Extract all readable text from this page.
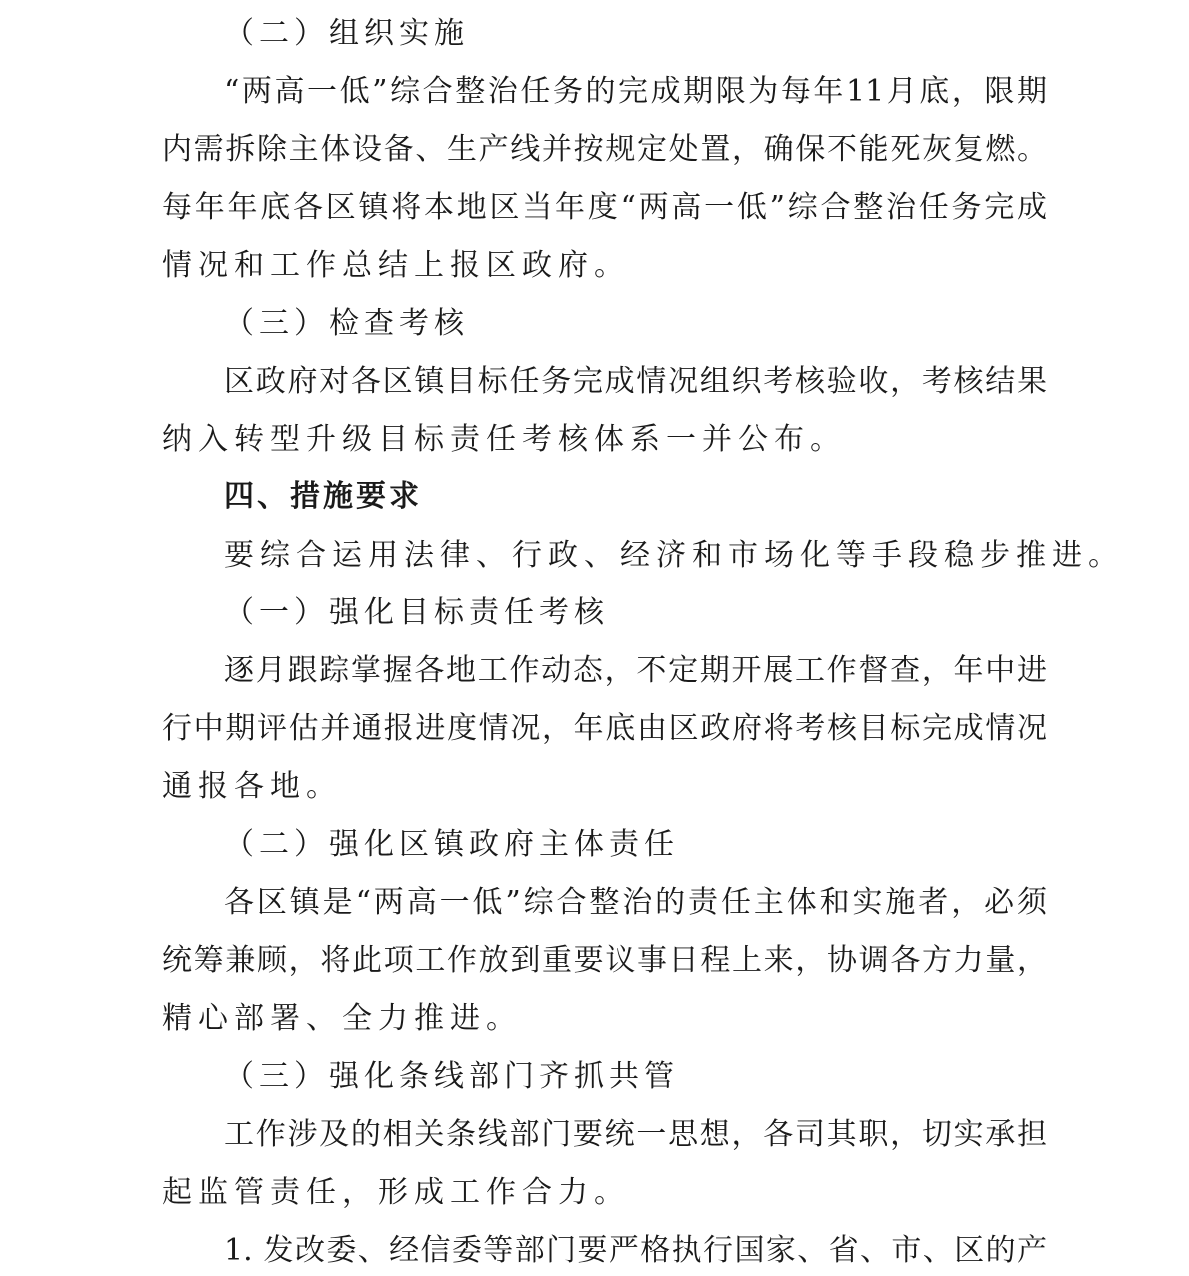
（二）组织实施
“两高一低”综合整治任务的完成期限为每年11月底，限期
内需拆除主体设备、生产线并按规定处置，确保不能死灰复燃。
每年年底各区镇将本地区当年度“两高一低”综合整治任务完成
情况和工作总结上报区政府。
（三）检查考核
区政府对各区镇目标任务完成情况组织考核验收，考核结果
纳入转型升级目标责任考核体系一并公布。
四、措施要求
要综合运用法律、行政、经济和市场化等手段稳步推进。
（一）强化目标责任考核
逐月跟踪掌握各地工作动态，不定期开展工作督查，年中进
行中期评估并通报进度情况，年底由区政府将考核目标完成情况
通报各地。
（二）强化区镇政府主体责任
各区镇是“两高一低”综合整治的责任主体和实施者，必须
统筹兼顾，将此项工作放到重要议事日程上来，协调各方力量，
精心部署、全力推进。
（三）强化条线部门齐抓共管
工作涉及的相关条线部门要统一思想，各司其职，切实承担
起监管责任，形成工作合力。
1. 发改委、经信委等部门要严格执行国家、省、市、区的产
